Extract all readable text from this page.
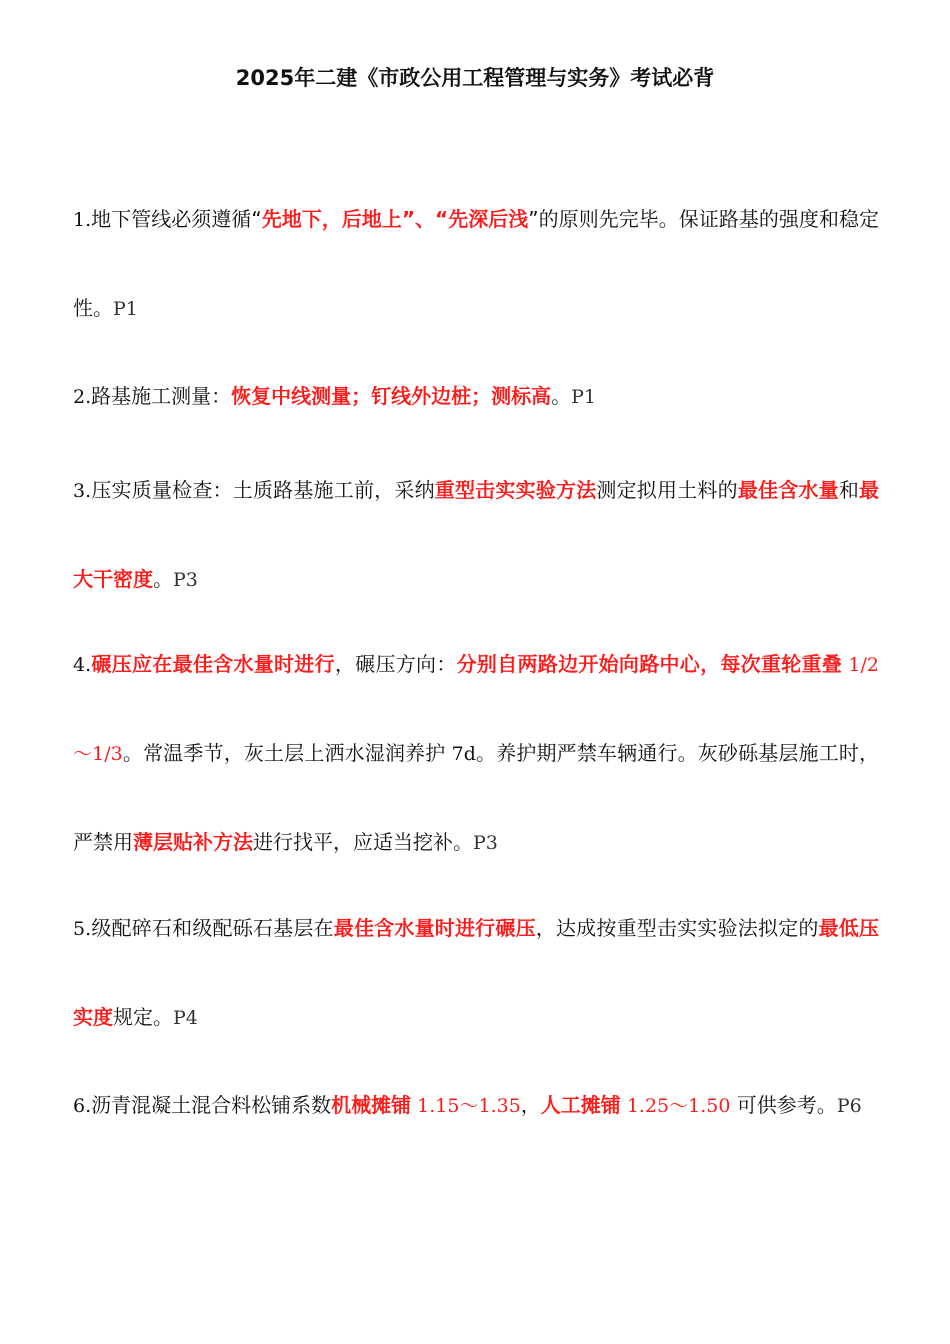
2025年二建《市政公用工程管理与实务》考试必背
1.地下管线必须遵循“先地下，后地上”、“先深后浅”的原则先完毕。保证路基的强度和稳定性。P1
2.路基施工测量：恢复中线测量；钉线外边桩；测标高。P1
3.压实质量检查：土质路基施工前，采纳重型击实实验方法测定拟用土料的最佳含水量和最大干密度。P3
4.碾压应在最佳含水量时进行，碾压方向：分别自两路边开始向路中心，每次重轮重叠 1/2～1/3。常温季节，灰土层上洒水湿润养护 7d。养护期严禁车辆通行。灰砂砾基层施工时，严禁用薄层贴补方法进行找平，应适当挖补。P3
5.级配碎石和级配砾石基层在最佳含水量时进行碾压，达成按重型击实实验法拟定的最低压实度规定。P4
6.沥青混凝土混合料松铺系数机械摊铺 1.15～1.35，人工摊铺 1.25～1.50 可供参考。P6
